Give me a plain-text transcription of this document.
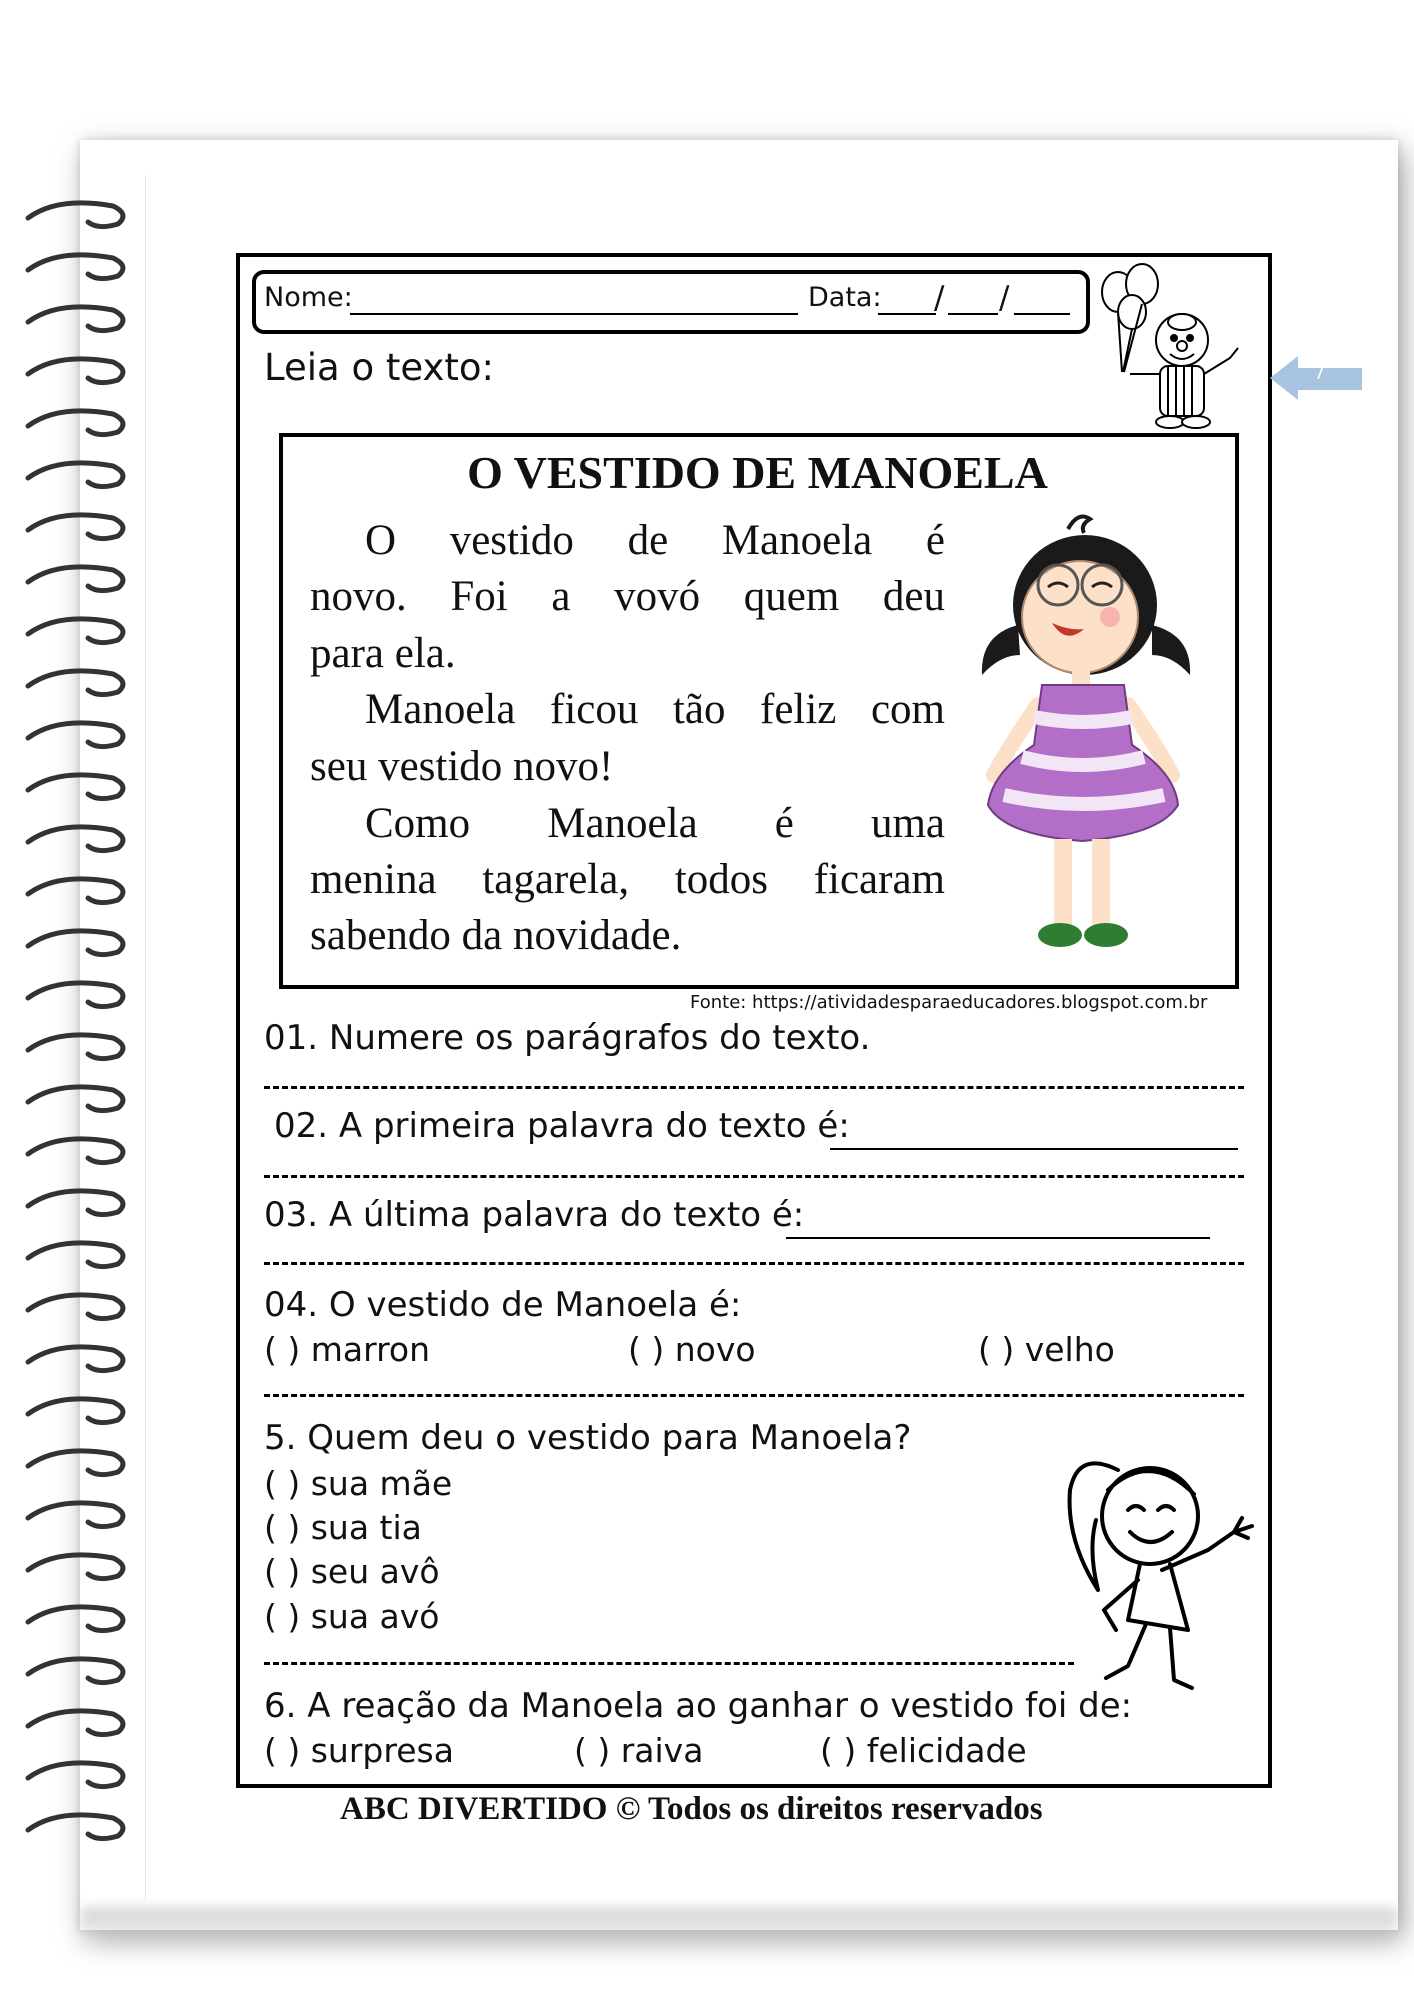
Nome:	Data: / /
7
Leia o texto:
O VESTIDO DE MANOELA
O vestido de Manoela é
novo. Foi a vovó quem deu
para ela.
Manoela ficou tão feliz com
seu vestido novo!
Como Manoela é uma
menina tagarela, todos ficaram
sabendo da novidade.
Fonte: https://atividadesparaeducadores.blogspot.com.br
01. Numere os parágrafos do texto.
02. A primeira palavra do texto é:
03. A última palavra do texto é:
04. O vestido de Manoela é:
( ) marron	( ) novo	( ) velho
5. Quem deu o vestido para Manoela?
( ) sua mãe
( ) sua tia
( ) seu avô
( ) sua avó
6. A reação da Manoela ao ganhar o vestido foi de:
( ) surpresa	( ) raiva	( ) felicidade
ABC DIVERTIDO © Todos os direitos reservados
